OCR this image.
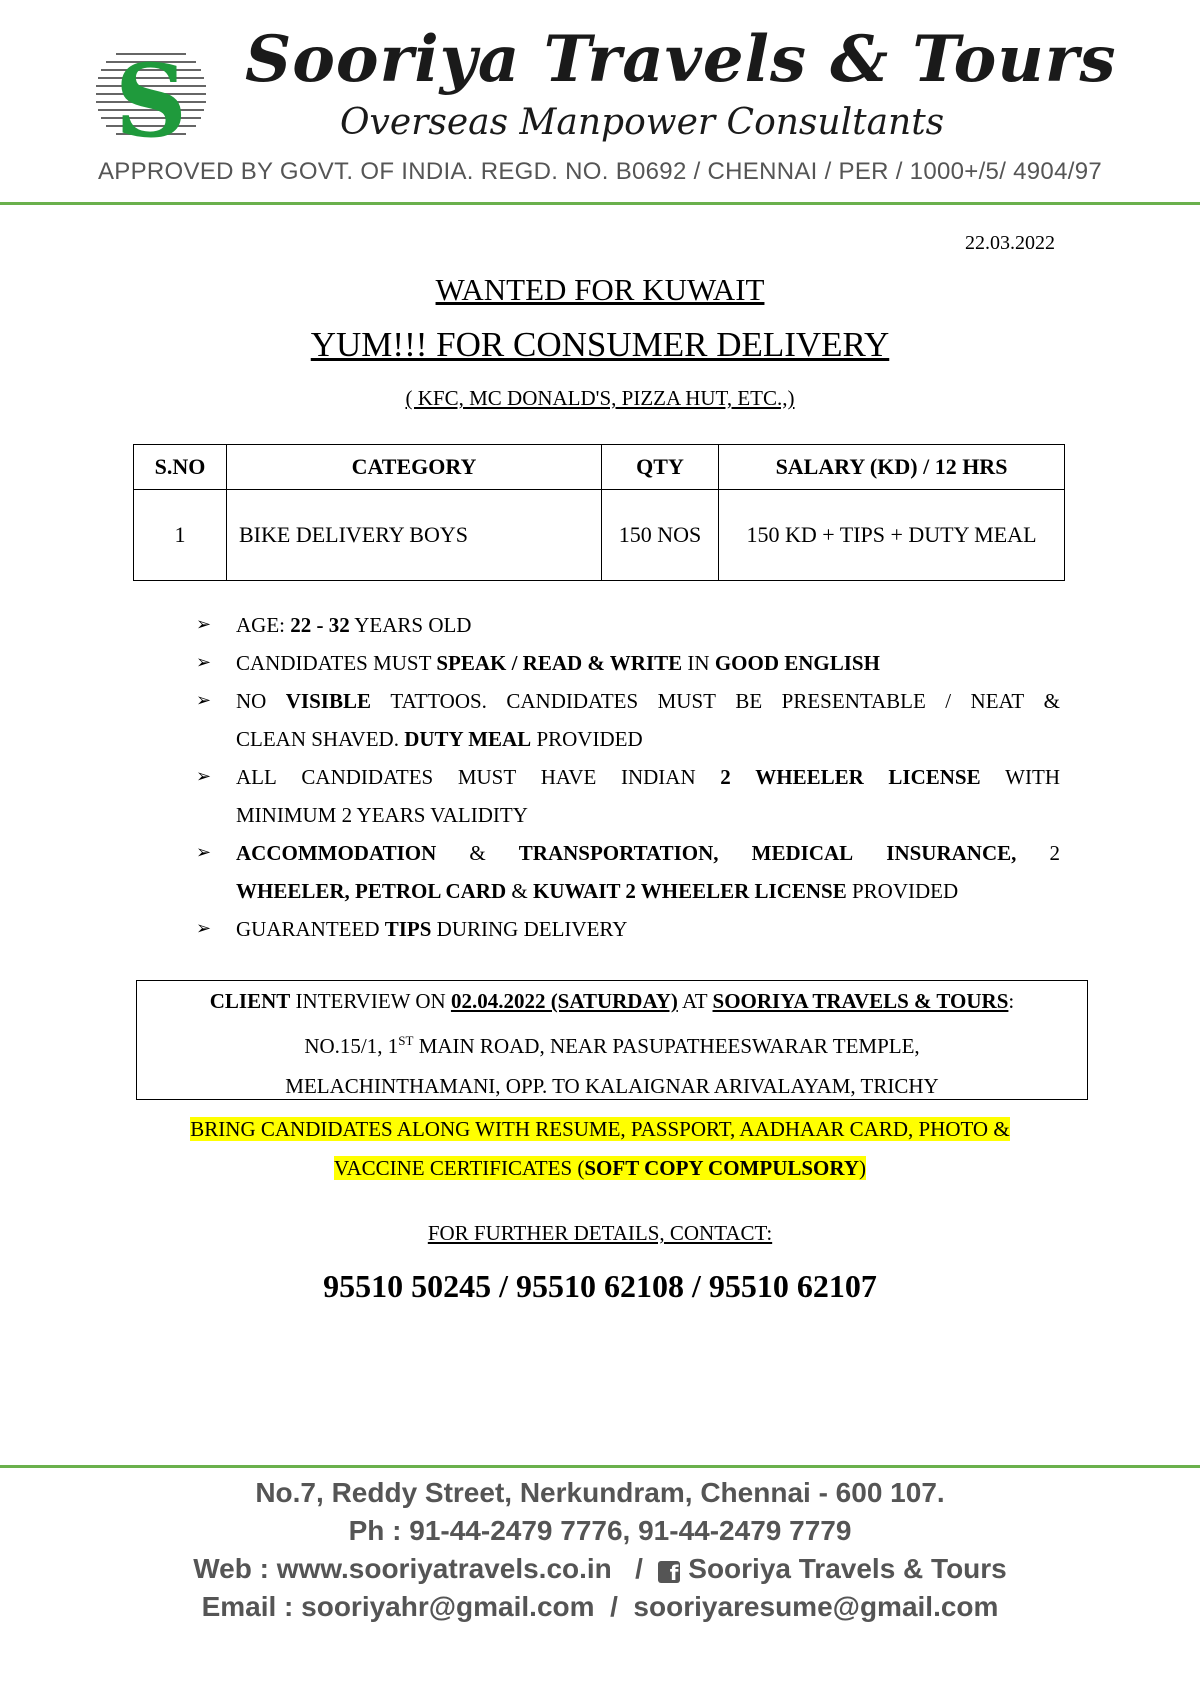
S Sooriya Travels & Tours
Overseas Manpower Consultants
APPROVED BY GOVT. OF INDIA. REGD. NO. B0692 / CHENNAI / PER / 1000+/5/ 4904/97
22.03.2022
WANTED FOR KUWAIT
YUM!!! FOR CONSUMER DELIVERY
( KFC, MC DONALD'S, PIZZA HUT, ETC.,)
S.NO	CATEGORY	QTY	SALARY (KD) / 12 HRS
1	BIKE DELIVERY BOYS	150 NOS	150 KD + TIPS + DUTY MEAL
➢	AGE: 22 - 32 YEARS OLD
➢	CANDIDATES MUST SPEAK / READ & WRITE IN GOOD ENGLISH
➢	NO VISIBLE TATTOOS. CANDIDATES MUST BE PRESENTABLE / NEAT &
CLEAN SHAVED. DUTY MEAL PROVIDED
➢	ALL CANDIDATES MUST HAVE INDIAN 2 WHEELER LICENSE WITH
MINIMUM 2 YEARS VALIDITY
➢	ACCOMMODATION & TRANSPORTATION, MEDICAL INSURANCE, 2
WHEELER, PETROL CARD & KUWAIT 2 WHEELER LICENSE PROVIDED
➢	GUARANTEED TIPS DURING DELIVERY
CLIENT INTERVIEW ON 02.04.2022 (SATURDAY) AT SOORIYA TRAVELS & TOURS:
NO.15/1, 1ST MAIN ROAD, NEAR PASUPATHEESWARAR TEMPLE,
MELACHINTHAMANI, OPP. TO KALAIGNAR ARIVALAYAM, TRICHY
BRING CANDIDATES ALONG WITH RESUME, PASSPORT, AADHAAR CARD, PHOTO &
VACCINE CERTIFICATES (SOFT COPY COMPULSORY)
FOR FURTHER DETAILS, CONTACT:
95510 50245 / 95510 62108 / 95510 62107
No.7, Reddy Street, Nerkundram, Chennai - 600 107.
Ph : 91-44-2479 7776, 91-44-2479 7779
Web : www.sooriyatravels.co.in / f Sooriya Travels & Tours
Email : sooriyahr@gmail.com  /  sooriyaresume@gmail.com
